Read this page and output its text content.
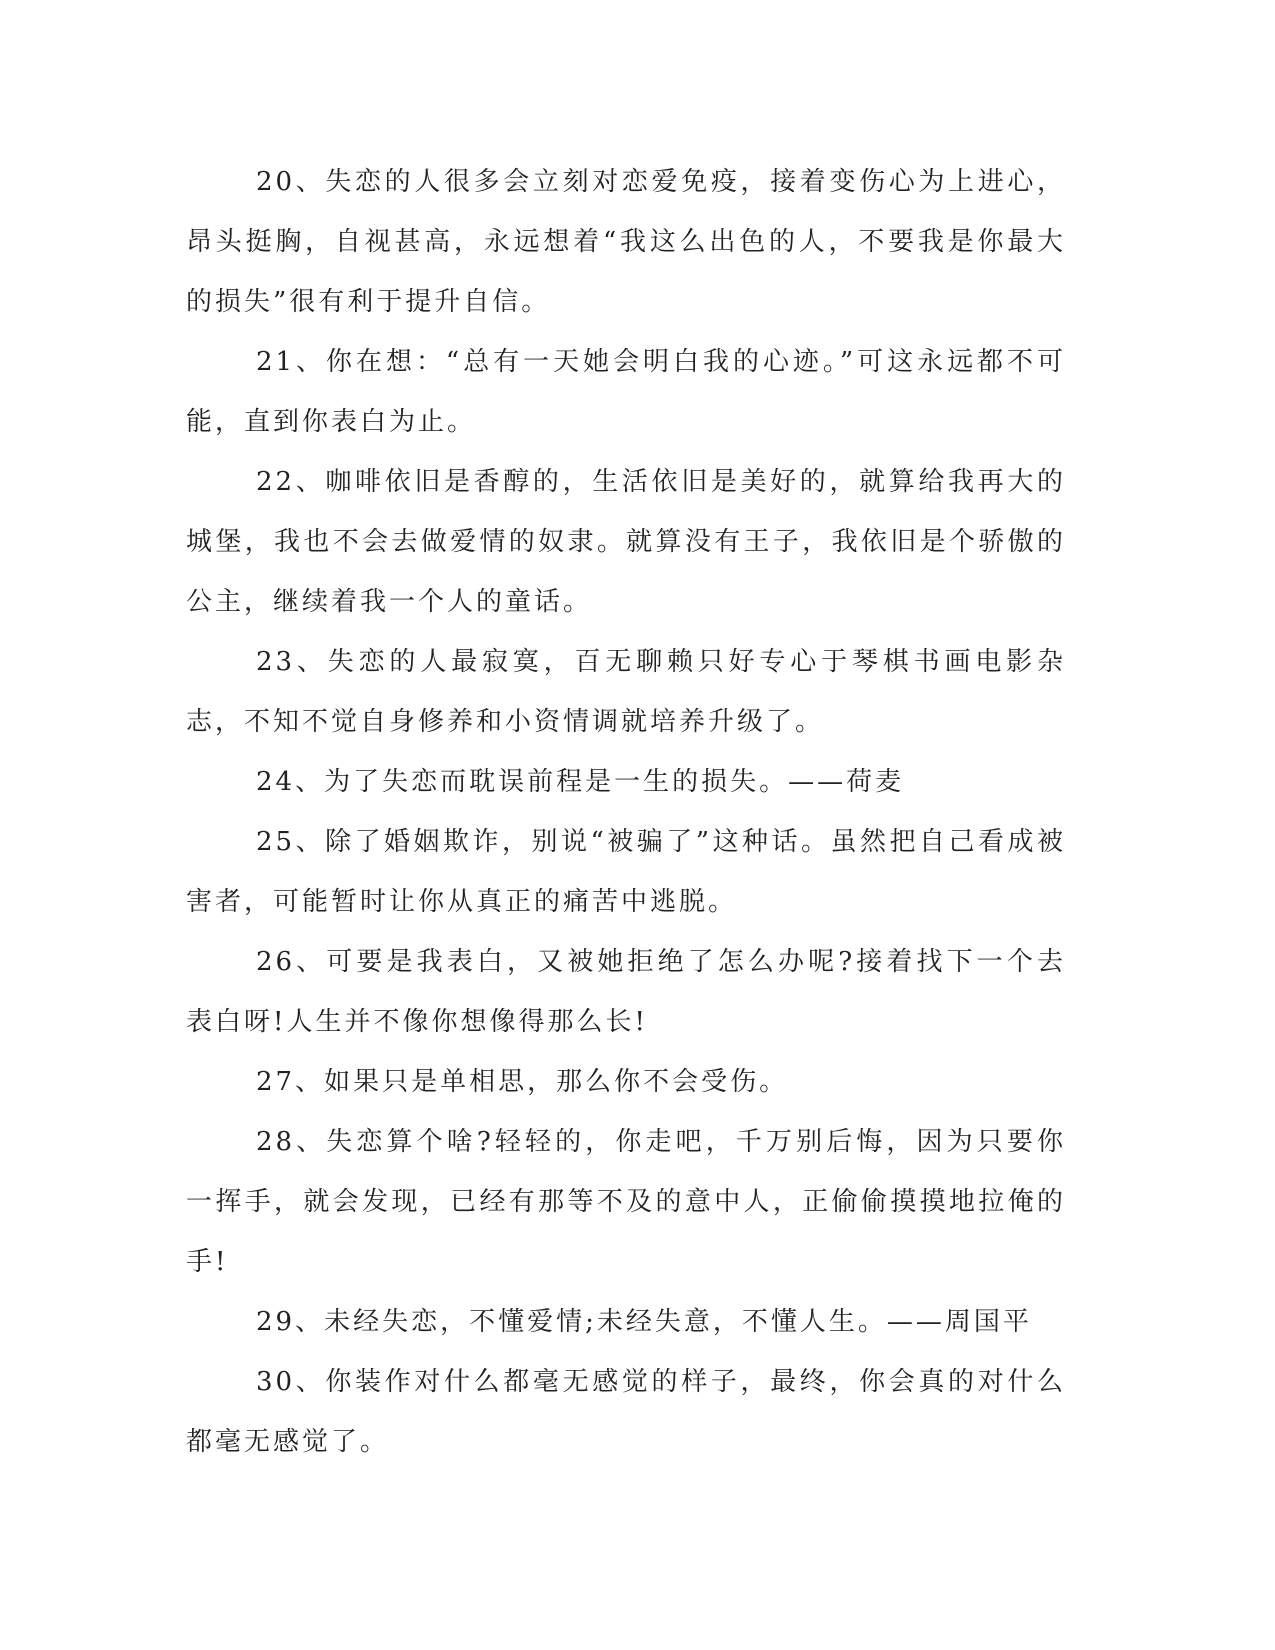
20、失恋的人很多会立刻对恋爱免疫，接着变伤心为上进心，昂头挺胸，自视甚高，永远想着“我这么出色的人，不要我是你最大的损失”很有利于提升自信。

21、你在想：“总有一天她会明白我的心迹。”可这永远都不可能，直到你表白为止。

22、咖啡依旧是香醇的，生活依旧是美好的，就算给我再大的城堡，我也不会去做爱情的奴隶。就算没有王子，我依旧是个骄傲的公主，继续着我一个人的童话。

23、失恋的人最寂寞，百无聊赖只好专心于琴棋书画电影杂志，不知不觉自身修养和小资情调就培养升级了。

24、为了失恋而耽误前程是一生的损失。——荷麦

25、除了婚姻欺诈，别说“被骗了”这种话。虽然把自己看成被害者，可能暂时让你从真正的痛苦中逃脱。

26、可要是我表白，又被她拒绝了怎么办呢?接着找下一个去表白呀!人生并不像你想像得那么长!

27、如果只是单相思，那么你不会受伤。

28、失恋算个啥?轻轻的，你走吧，千万别后悔，因为只要你一挥手，就会发现，已经有那等不及的意中人，正偷偷摸摸地拉俺的手!

29、未经失恋，不懂爱情;未经失意，不懂人生。——周国平

30、你装作对什么都毫无感觉的样子，最终，你会真的对什么都毫无感觉了。
